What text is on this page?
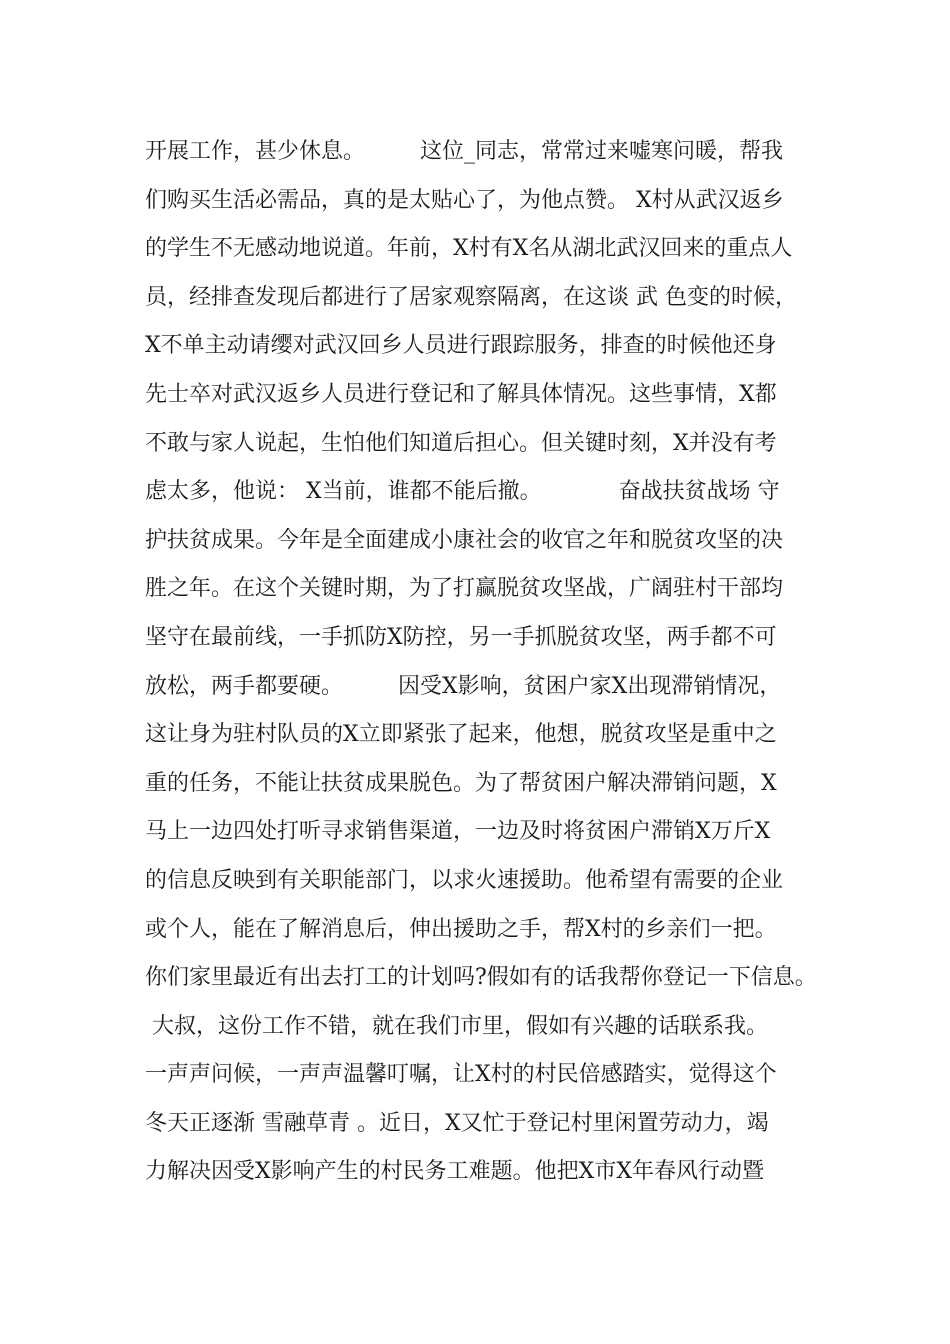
开展工作，甚少休息。　　　这位_同志，常常过来嘘寒问暖，帮我
们购买生活必需品，真的是太贴心了，为他点赞。 X村从武汉返乡
的学生不无感动地说道。年前，X村有X名从湖北武汉回来的重点人
员，经排查发现后都进行了居家观察隔离，在这谈 武 色变的时候，
X不单主动请缨对武汉回乡人员进行跟踪服务，排查的时候他还身
先士卒对武汉返乡人员进行登记和了解具体情况。这些事情，X都
不敢与家人说起，生怕他们知道后担心。但关键时刻，X并没有考
虑太多，他说： X当前，谁都不能后撤。　　　　奋战扶贫战场 守
护扶贫成果。今年是全面建成小康社会的收官之年和脱贫攻坚的决
胜之年。在这个关键时期，为了打赢脱贫攻坚战，广阔驻村干部均
坚守在最前线，一手抓防X防控，另一手抓脱贫攻坚，两手都不可
放松，两手都要硬。　　　因受X影响，贫困户家X出现滞销情况，
这让身为驻村队员的X立即紧张了起来，他想，脱贫攻坚是重中之
重的任务，不能让扶贫成果脱色。为了帮贫困户解决滞销问题，X
马上一边四处打听寻求销售渠道，一边及时将贫困户滞销X万斤X
的信息反映到有关职能部门，以求火速援助。他希望有需要的企业
或个人，能在了解消息后，伸出援助之手，帮X村的乡亲们一把。
你们家里最近有出去打工的计划吗?假如有的话我帮你登记一下信息。
大叔，这份工作不错，就在我们市里，假如有兴趣的话联系我。
一声声问候，一声声温馨叮嘱，让X村的村民倍感踏实，觉得这个
冬天正逐渐 雪融草青 。近日，X又忙于登记村里闲置劳动力，竭
力解决因受X影响产生的村民务工难题。他把X市X年春风行动暨
